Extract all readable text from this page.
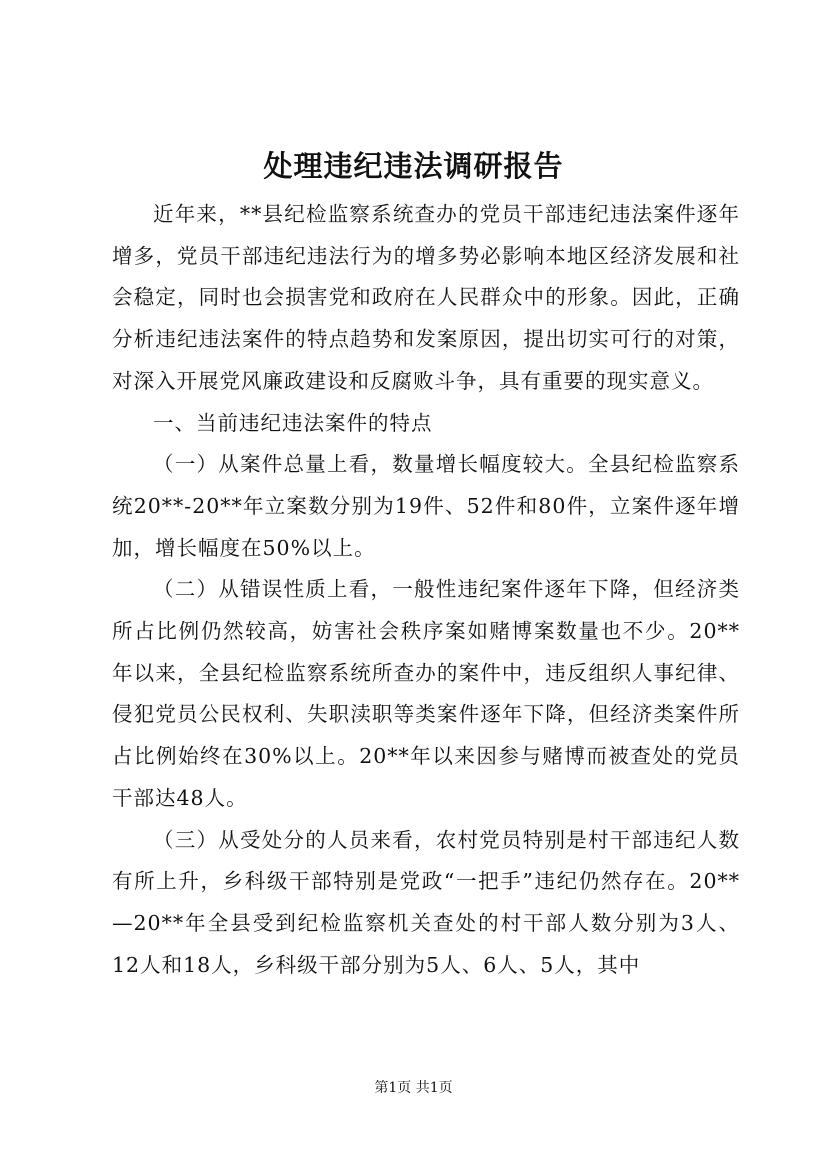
处理违纪违法调研报告

近年来，**县纪检监察系统查办的党员干部违纪违法案件逐年增多，党员干部违纪违法行为的增多势必影响本地区经济发展和社会稳定，同时也会损害党和政府在人民群众中的形象。因此，正确分析违纪违法案件的特点趋势和发案原因，提出切实可行的对策，对深入开展党风廉政建设和反腐败斗争，具有重要的现实意义。

一、当前违纪违法案件的特点

（一）从案件总量上看，数量增长幅度较大。全县纪检监察系统20**-20**年立案数分别为19件、52件和80件，立案件逐年增加，增长幅度在50%以上。

（二）从错误性质上看，一般性违纪案件逐年下降，但经济类所占比例仍然较高，妨害社会秩序案如赌博案数量也不少。20**年以来，全县纪检监察系统所查办的案件中，违反组织人事纪律、侵犯党员公民权利、失职渎职等类案件逐年下降，但经济类案件所占比例始终在30%以上。20**年以来因参与赌博而被查处的党员干部达48人。

（三）从受处分的人员来看，农村党员特别是村干部违纪人数有所上升，乡科级干部特别是党政“一把手”违纪仍然存在。20**—20**年全县受到纪检监察机关查处的村干部人数分别为3人、12人和18人，乡科级干部分别为5人、6人、5人，其中

第1页 共1页
